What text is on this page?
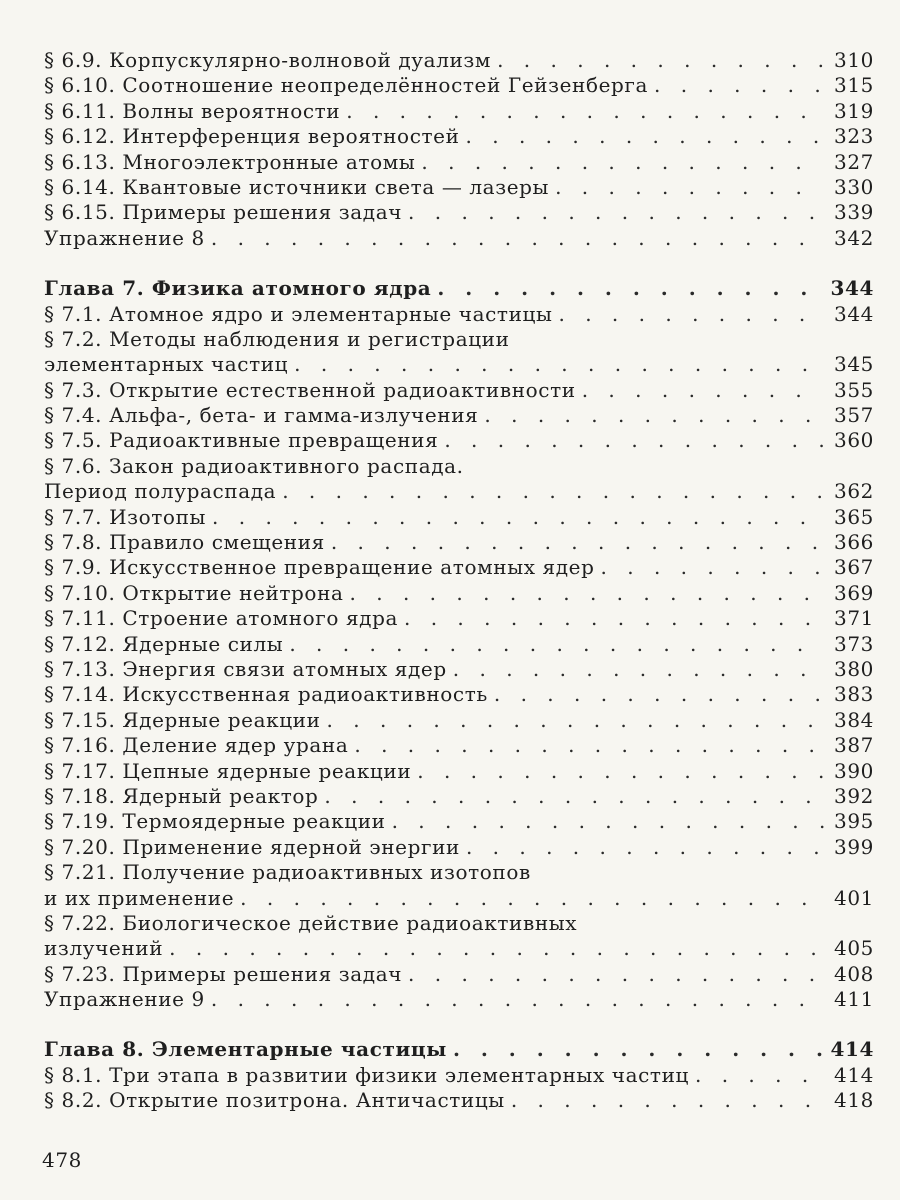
§ 6.9. Корпускулярно-волновой дуализм . . .	310
§ 6.10. Соотношение неопределённостей Гейзенберга . . .	315
§ 6.11. Волны вероятности . . .	319
§ 6.12. Интерференция вероятностей . . .	323
§ 6.13. Многоэлектронные атомы . . .	327
§ 6.14. Квантовые источники света — лазеры . . .	330
§ 6.15. Примеры решения задач . . .	339
Упражнение 8 . . .	342
Глава 7. Физика атомного ядра . . .	344
§ 7.1. Атомное ядро и элементарные частицы . . .	344
§ 7.2. Методы наблюдения и регистрации
элементарных частиц . . .	345
§ 7.3. Открытие естественной радиоактивности . . .	355
§ 7.4. Альфа-, бета- и гамма-излучения . . .	357
§ 7.5. Радиоактивные превращения . . .	360
§ 7.6. Закон радиоактивного распада.
Период полураспада . . .	362
§ 7.7. Изотопы . . .	365
§ 7.8. Правило смещения . . .	366
§ 7.9. Искусственное превращение атомных ядер . . .	367
§ 7.10. Открытие нейтрона . . .	369
§ 7.11. Строение атомного ядра . . .	371
§ 7.12. Ядерные силы . . .	373
§ 7.13. Энергия связи атомных ядер . . .	380
§ 7.14. Искусственная радиоактивность . . .	383
§ 7.15. Ядерные реакции . . .	384
§ 7.16. Деление ядер урана . . .	387
§ 7.17. Цепные ядерные реакции . . .	390
§ 7.18. Ядерный реактор . . .	392
§ 7.19. Термоядерные реакции . . .	395
§ 7.20. Применение ядерной энергии . . .	399
§ 7.21. Получение радиоактивных изотопов
и их применение . . .	401
§ 7.22. Биологическое действие радиоактивных
излучений . . .	405
§ 7.23. Примеры решения задач . . .	408
Упражнение 9 . . .	411
Глава 8. Элементарные частицы . . .	414
§ 8.1. Три этапа в развитии физики элементарных частиц . . .	414
§ 8.2. Открытие позитрона. Античастицы . . .	418
478
